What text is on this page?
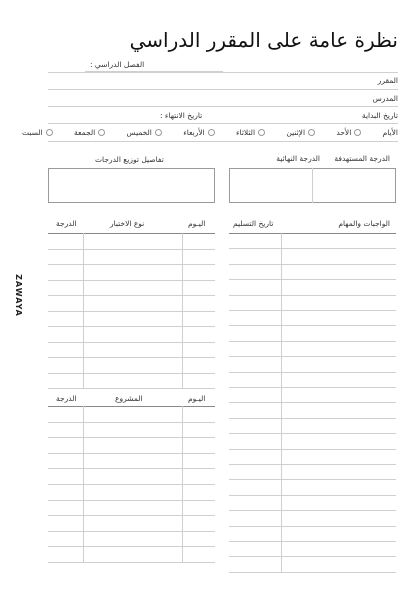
نظرة عامة على المقرر الدراسي
الفصل الدراسي :
المقرر
المدرس
تاريخ البداية
تاريخ الانتهاء :
الأيام
الأحد
الإثنين
الثلاثاء
الأربعاء
الخميس
الجمعة
السبت
الدرجة المستهدفة
الدرجة النهائية
تفاصيل توزيع الدرجات
ZAWAYA
اليـوم
نوع الاختبار
الدرجة	الواجبات والمهام
تاريخ التسليم
اليـوم
المشروع
الدرجة
